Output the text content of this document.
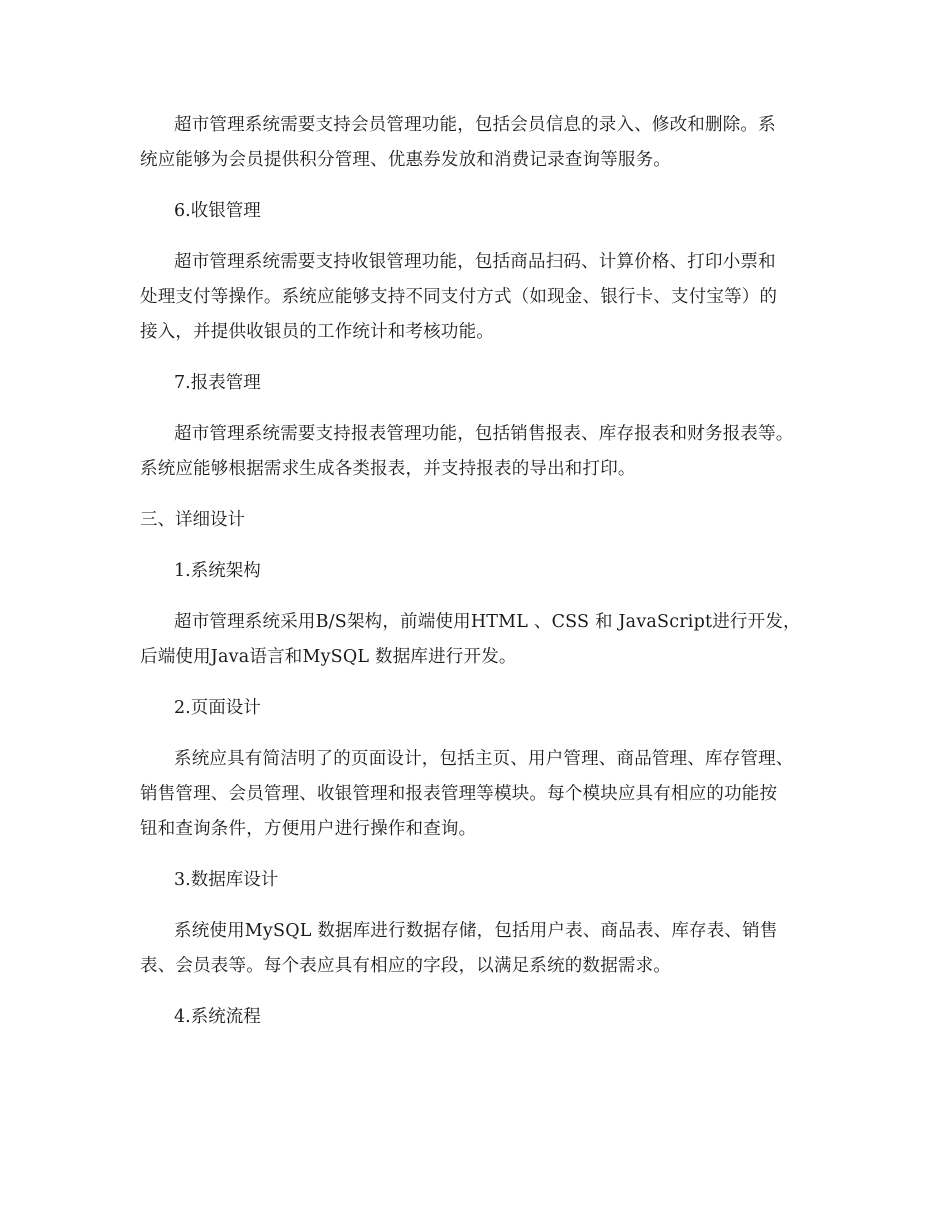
超市管理系统需要支持会员管理功能，包括会员信息的录入、修改和删除。系
统应能够为会员提供积分管理、优惠券发放和消费记录查询等服务。
6.收银管理
超市管理系统需要支持收银管理功能，包括商品扫码、计算价格、打印小票和
处理支付等操作。系统应能够支持不同支付方式（如现金、银行卡、支付宝等）的
接入，并提供收银员的工作统计和考核功能。
7.报表管理
超市管理系统需要支持报表管理功能，包括销售报表、库存报表和财务报表等。
系统应能够根据需求生成各类报表，并支持报表的导出和打印。
三、详细设计
1.系统架构
超市管理系统采用B/S架构，前端使用HTML 、CSS 和 JavaScript进行开发，
后端使用Java语言和MySQL 数据库进行开发。
2.页面设计
系统应具有简洁明了的页面设计，包括主页、用户管理、商品管理、库存管理、
销售管理、会员管理、收银管理和报表管理等模块。每个模块应具有相应的功能按
钮和查询条件，方便用户进行操作和查询。
3.数据库设计
系统使用MySQL 数据库进行数据存储，包括用户表、商品表、库存表、销售
表、会员表等。每个表应具有相应的字段，以满足系统的数据需求。
4.系统流程
